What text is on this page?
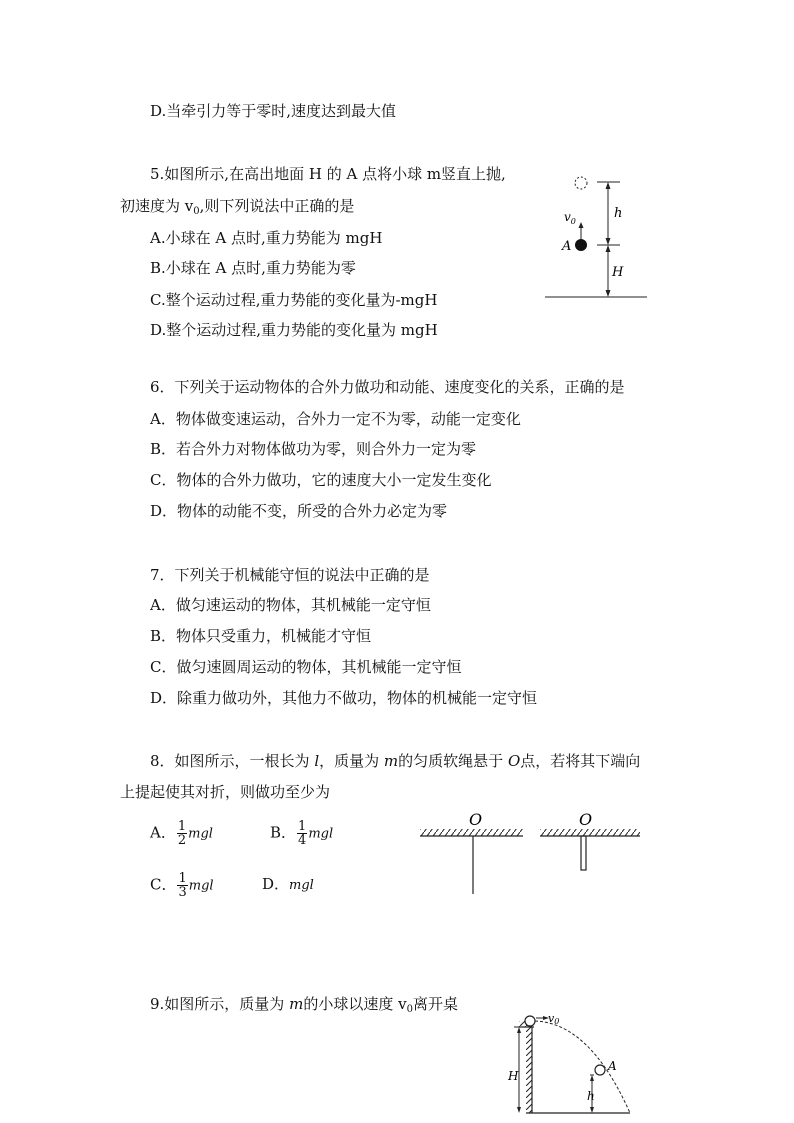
D.当牵引力等于零时,速度达到最大值
5.如图所示,在高出地面 H 的 A 点将小球 m竖直上抛,
初速度为 $v_0$,则下列说法中正确的是
A.小球在 A 点时,重力势能为 mgH
B.小球在 A 点时,重力势能为零
C.整个运动过程,重力势能的变化量为-mgH
D.整个运动过程,重力势能的变化量为 mgH
h
$v_0$
A
H
6．下列关于运动物体的合外力做功和动能、速度变化的关系，正确的是
A．物体做变速运动，合外力一定不为零，动能一定变化
B．若合外力对物体做功为零，则合外力一定为零
C．物体的合外力做功，它的速度大小一定发生变化
D．物体的动能不变，所受的合外力必定为零
7．下列关于机械能守恒的说法中正确的是
A．做匀速运动的物体，其机械能一定守恒
B．物体只受重力，机械能才守恒
C．做匀速圆周运动的物体，其机械能一定守恒
D．除重力做功外，其他力不做功，物体的机械能一定守恒
8．如图所示，一根长为 l，质量为 m的匀质软绳悬于 O点，若将其下端向
上提起使其对折，则做功至少为
A． $\frac{1}{2}$ mgl	B． $\frac{1}{4}$ mgl
C． $\frac{1}{3}$ mgl	D．mgl
O	O
9.如图所示，质量为 m的小球以速度 $v_0$离开桌
v0
A
h
H
